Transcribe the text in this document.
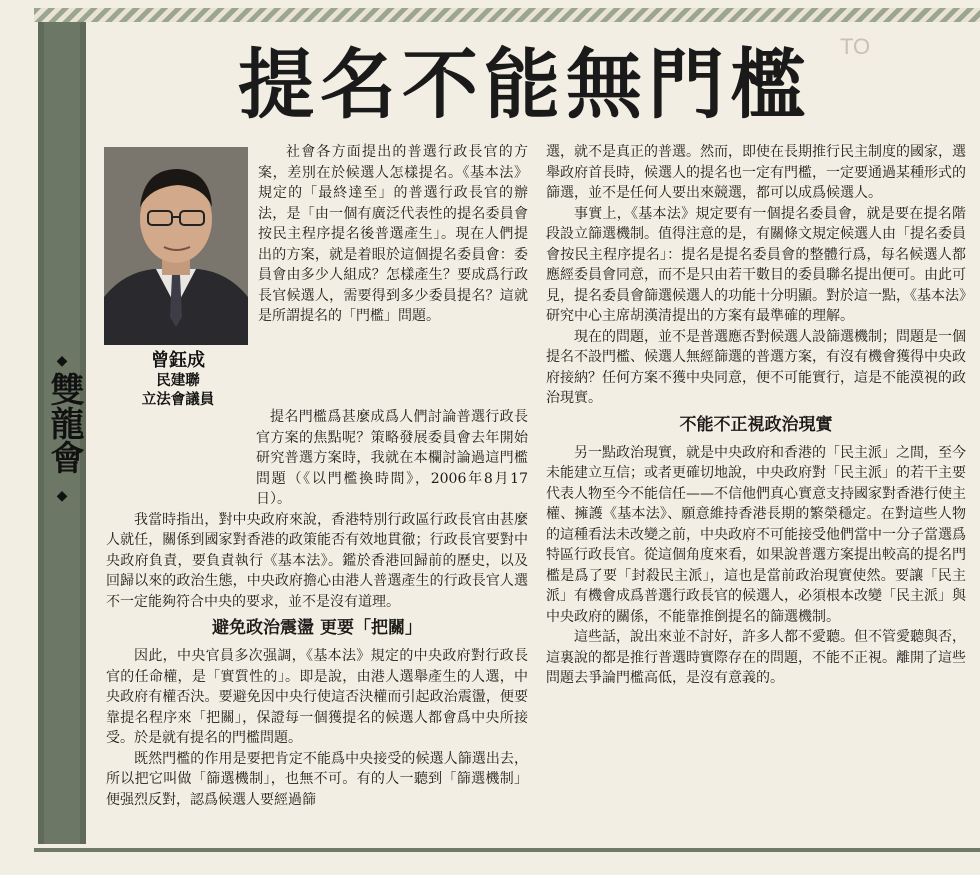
◆
雙龍會
◆
TO
提名不能無門檻
曾鈺成
民建聯
立法會議員

社會各方面提出的普選行政長官的方案，差別在於候選人怎樣提名。《基本法》規定的「最終達至」的普選行政長官的辦法，是「由一個有廣泛代表性的提名委員會按民主程序提名後普選產生」。現在人們提出的方案，就是着眼於這個提名委員會：委員會由多少人組成？怎樣產生？要成爲行政長官候選人，需要得到多少委員提名？這就是所謂提名的「門檻」問題。

提名門檻爲甚麼成爲人們討論普選行政長官方案的焦點呢？策略發展委員會去年開始研究普選方案時，我就在本欄討論過這門檻問題（《以門檻換時間》，2006年8月17日）。

我當時指出，對中央政府來說，香港特別行政區行政長官由甚麼人就任，關係到國家對香港的政策能否有效地貫徹；行政長官要對中央政府負責，要負責執行《基本法》。鑑於香港回歸前的歷史，以及回歸以來的政治生態，中央政府擔心由港人普選產生的行政長官人選不一定能夠符合中央的要求，並不是沒有道理。

避免政治震盪 更要「把關」

因此，中央官員多次强調，《基本法》規定的中央政府對行政長官的任命權，是「實質性的」。即是說，由港人選舉產生的人選，中央政府有權否決。要避免因中央行使這否決權而引起政治震盪，便要靠提名程序來「把關」，保證每一個獲提名的候選人都會爲中央所接受。於是就有提名的門檻問題。

既然門檻的作用是要把肯定不能爲中央接受的候選人篩選出去，所以把它叫做「篩選機制」，也無不可。有的人一聽到「篩選機制」便强烈反對，認爲候選人要經過篩

選，就不是真正的普選。然而，即使在長期推行民主制度的國家，選舉政府首長時，候選人的提名也一定有門檻，一定要通過某種形式的篩選，並不是任何人要出來競選，都可以成爲候選人。

事實上，《基本法》規定要有一個提名委員會，就是要在提名階段設立篩選機制。值得注意的是，有關條文規定候選人由「提名委員會按民主程序提名」：提名是提名委員會的整體行爲，每名候選人都應經委員會同意，而不是只由若干數目的委員聯名提出便可。由此可見，提名委員會篩選候選人的功能十分明顯。對於這一點，《基本法》研究中心主席胡漢清提出的方案有最準確的理解。

現在的問題，並不是普選應否對候選人設篩選機制；問題是一個提名不設門檻、候選人無經篩選的普選方案，有沒有機會獲得中央政府接納？任何方案不獲中央同意，便不可能實行，這是不能漠視的政治現實。

不能不正視政治現實

另一點政治現實，就是中央政府和香港的「民主派」之間，至今未能建立互信；或者更確切地說，中央政府對「民主派」的若干主要代表人物至今不能信任——不信他們真心實意支持國家對香港行使主權、擁護《基本法》、願意維持香港長期的繁榮穩定。在對這些人物的這種看法未改變之前，中央政府不可能接受他們當中一分子當選爲特區行政長官。從這個角度來看，如果說普選方案提出較高的提名門檻是爲了要「封殺民主派」，這也是當前政治現實使然。要讓「民主派」有機會成爲普選行政長官的候選人，必須根本改變「民主派」與中央政府的關係，不能靠推倒提名的篩選機制。

這些話，說出來並不討好，許多人都不愛聽。但不管愛聽與否，這裏說的都是推行普選時實際存在的問題，不能不正視。離開了這些問題去爭論門檻高低，是沒有意義的。
